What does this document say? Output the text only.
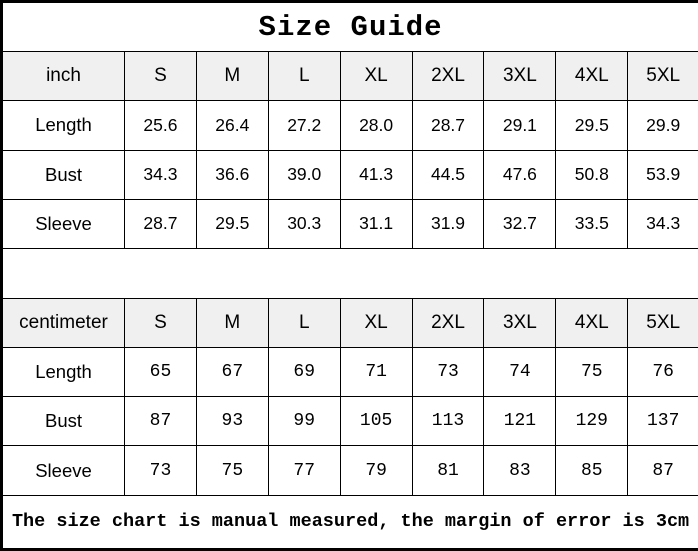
Size Guide								
inch	S	M	L	XL	2XL	3XL	4XL	5XL
Length	25.6	26.4	27.2	28.0	28.7	29.1	29.5	29.9
Bust	34.3	36.6	39.0	41.3	44.5	47.6	50.8	53.9
Sleeve	28.7	29.5	30.3	31.1	31.9	32.7	33.5	34.3

centimeter	S	M	L	XL	2XL	3XL	4XL	5XL
Length	65	67	69	71	73	74	75	76
Bust	87	93	99	105	113	121	129	137
Sleeve	73	75	77	79	81	83	85	87
The size chart is manual measured, the margin of error is 3cm								
